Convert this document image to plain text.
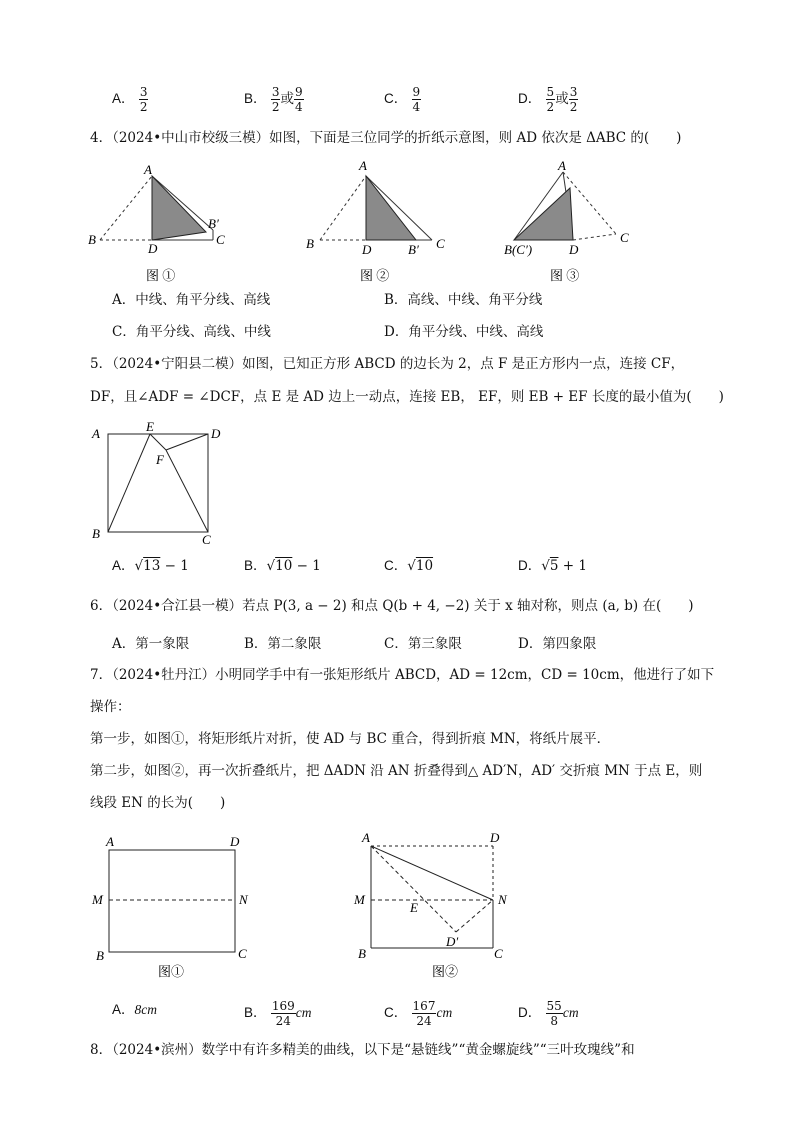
A． $\frac{3}{2}$	B． $\frac{3}{2}$ 或 $\frac{9}{4}$	C． $\frac{9}{4}$	D． $\frac{5}{2}$ 或 $\frac{3}{2}$
4．（2024•中山市校级三模）如图，下面是三位同学的折纸示意图，则 AD 依次是 ΔABC 的(　　)
A
B
D
C
B′
图 ①
A
B	D	B′ C
图 ②
A
B(C′)	D
C
图 ③
A．中线、角平分线、高线	B．高线、中线、角平分线
C．角平分线、高线、中线	D．角平分线、中线、高线
5．（2024•宁阳县二模）如图，已知正方形 ABCD 的边长为 2，点 F 是正方形内一点，连接 CF，
DF，且∠ADF = ∠DCF，点 E 是 AD 边上一动点，连接 EB， EF，则 EB + EF 长度的最小值为(　　)
A	E	D
F
B	C
A．√13 − 1	B．√10 − 1	C．√10	D．√5 + 1
6．（2024•合江县一模）若点 P(3, a − 2) 和点 Q(b + 4, −2) 关于 x 轴对称，则点 (a, b) 在(　　)
A．第一象限	B．第二象限	C．第三象限	D．第四象限
7．（2024•牡丹江）小明同学手中有一张矩形纸片 ABCD，AD = 12cm，CD = 10cm，他进行了如下
操作：
第一步，如图①，将矩形纸片对折，使 AD 与 BC 重合，得到折痕 MN，将纸片展平．
第二步，如图②，再一次折叠纸片，把 ΔADN 沿 AN 折叠得到△ AD′N，AD′ 交折痕 MN 于点 E，则
线段 EN 的长为(　　)
A	D
M	N
B	C
图①
A	D
M	N
E
D′
B	C
图②
A．8cm	B． $\frac{169}{24}$ cm	C． $\frac{167}{24}$ cm	D． $\frac{55}{8}$ cm
8．（2024•滨州）数学中有许多精美的曲线，以下是“悬链线”“黄金螺旋线”“三叶玫瑰线”和
